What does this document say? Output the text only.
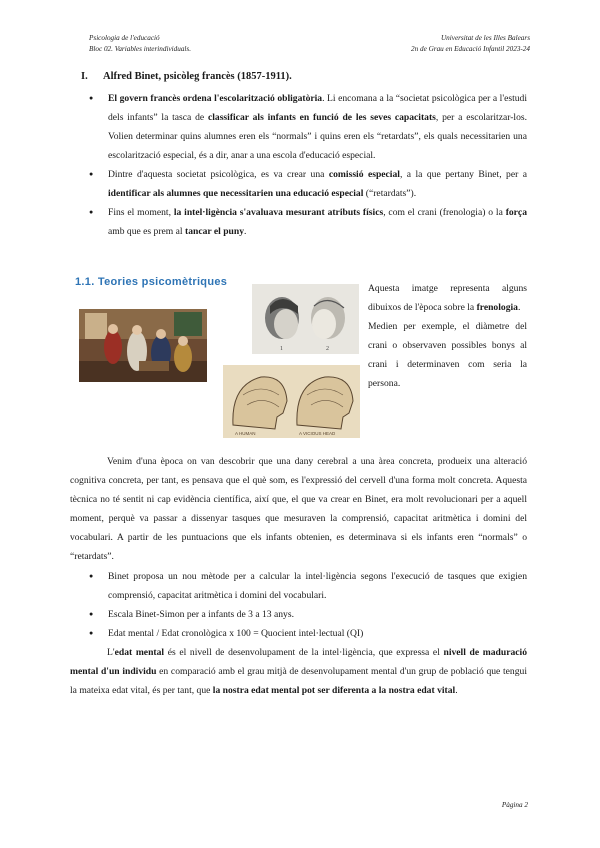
Psicologia de l'educació
Bloc 02. Variables interindividuals.
Universitat de les Illes Balears
2n de Grau en Educació Infantil 2023-24
I. Alfred Binet, psicòleg francès (1857-1911).
● El govern francès ordena l'escolarització obligatòria. Li encomana a la “societat psicològica per a l'estudi dels infants” la tasca de classificar als infants en funció de les seves capacitats, per a escolaritzar-los. Volien determinar quins alumnes eren els “normals” i quins eren els “retardats”, els quals necessitarien una escolarització especial, és a dir, anar a una escola d'educació especial.
● Dintre d'aquesta societat psicològica, es va crear una comissió especial, a la que pertany Binet, per a identificar als alumnes que necessitarien una educació especial (“retardats”).
● Fins el moment, la intel·ligència s'avaluava mesurant atributs físics, com el crani (frenologia) o la força amb que es prem al tancar el puny.
1.1. Teories psicomètriques
1	2
A HUMAN	A VICIOUS HEAD
Aquesta imatge representa alguns dibuixos de l'època sobre la frenologia.
Medien per exemple, el diàmetre del crani o observaven possibles bonys al crani i determinaven com seria la persona.
Venim d'una època on van descobrir que una dany cerebral a una àrea concreta, produeix una alteració cognitiva concreta, per tant, es pensava que el què som, es l'expressió del cervell d'una forma molt concreta. Aquesta tècnica no té sentit ni cap evidència científica, així que, el que va crear en Binet, era molt revolucionari per a aquell moment, perquè va passar a dissenyar tasques que mesuraven la comprensió, capacitat aritmètica i domini del vocabulari. A partir de les puntuacions que els infants obtenien, es determinava si els infants eren “normals” o “retardats”.
● Binet proposa un nou mètode per a calcular la intel·ligència segons l'execució de tasques que exigien comprensió, capacitat aritmètica i domini del vocabulari.
● Escala Binet-Simon per a infants de 3 a 13 anys.
● Edat mental / Edat cronològica x 100 = Quocient intel·lectual (QI)
L'edat mental és el nivell de desenvolupament de la intel·ligència, que expressa el nivell de maduració mental d'un individu en comparació amb el grau mitjà de desenvolupament mental d'un grup de població que tengui la mateixa edat vital, és per tant, que la nostra edat mental pot ser diferenta a la nostra edat vital.
Pàgina 2
